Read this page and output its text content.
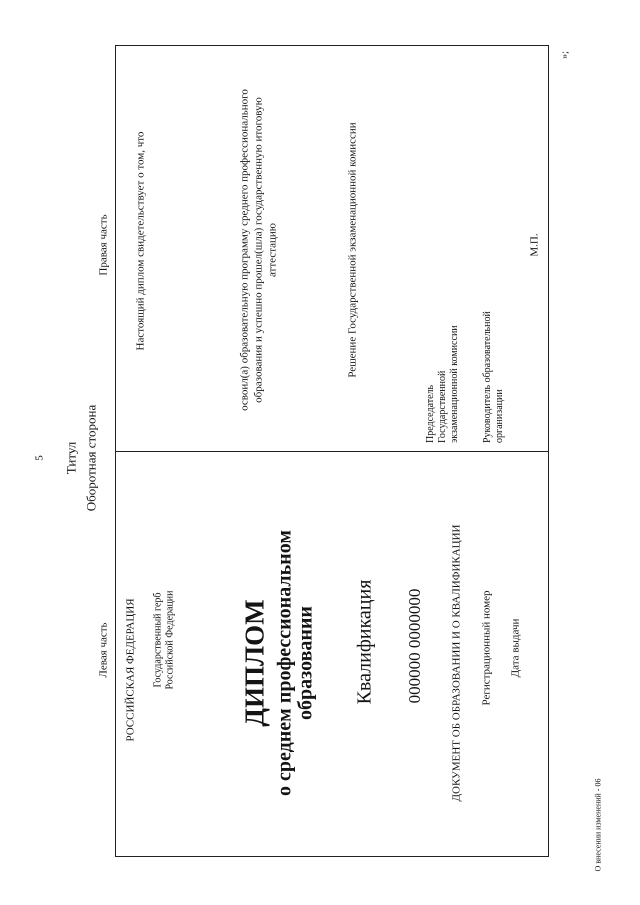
5 Титул Оборотная сторона
Левая часть
Правая часть
РОССИЙСКАЯ ФЕДЕРАЦИЯ Государственный герб Российской Федерации ДИПЛОМ о среднем профессиональном образовании Квалификация 000000 0000000 ДОКУМЕНТ ОБ ОБРАЗОВАНИИ И О КВАЛИФИКАЦИИ Регистрационный номер Дата выдачи
Настоящий диплом свидетельствует о том, что	освоил(а) образовательную программу среднего профессионального образования и успешно прошел(шла) государственную итоговую аттестацию	Решение Государственной экзаменационной комиссии
Председатель Государственной экзаменационной комиссии Руководитель образовательной организации
М.П.
»;
О внесении изменений - 06
